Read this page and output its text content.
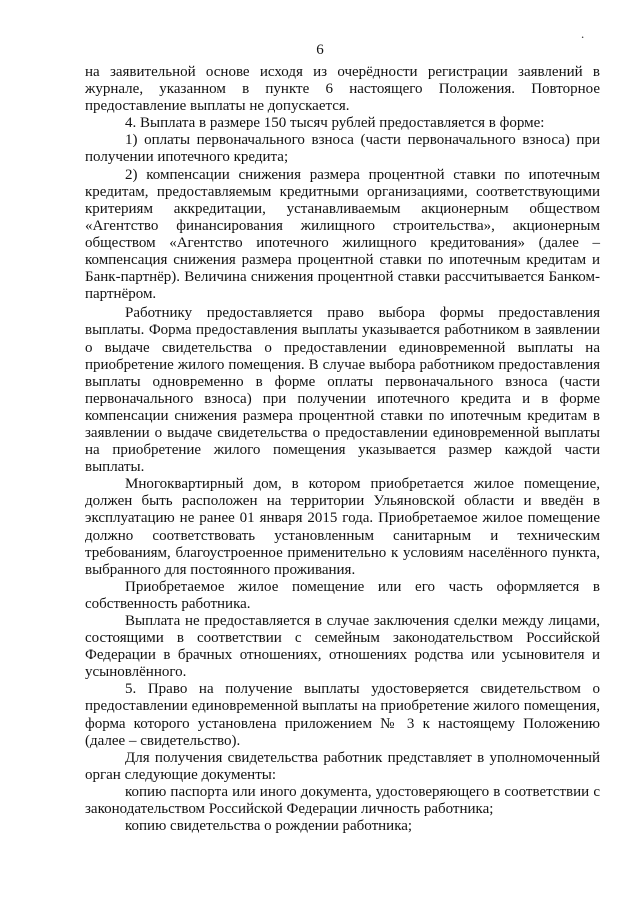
6
.

на заявительной основе исходя из очерёдности регистрации заявлений в журнале, указанном в пункте 6 настоящего Положения. Повторное предоставление выплаты не допускается.

4. Выплата в размере 150 тысяч рублей предоставляется в форме:

1) оплаты первоначального взноса (части первоначального взноса) при получении ипотечного кредита;

2) компенсации снижения размера процентной ставки по ипотечным кредитам, предоставляемым кредитными организациями, соответствующими критериям аккредитации, устанавливаемым акционерным обществом «Агентство финансирования жилищного строительства», акционерным обществом «Агентство ипотечного жилищного кредитования» (далее – компенсация снижения размера процентной ставки по ипотечным кредитам и Банк-партнёр). Величина снижения процентной ставки рассчитывается Банком-партнёром.

Работнику предоставляется право выбора формы предоставления выплаты. Форма предоставления выплаты указывается работником в заявлении о выдаче свидетельства о предоставлении единовременной выплаты на приобретение жилого помещения. В случае выбора работником предоставления выплаты одновременно в форме оплаты первоначального взноса (части первоначального взноса) при получении ипотечного кредита и в форме компенсации снижения размера процентной ставки по ипотечным кредитам в заявлении о выдаче свидетельства о предоставлении единовременной выплаты на приобретение жилого помещения указывается размер каждой части выплаты.

Многоквартирный дом, в котором приобретается жилое помещение, должен быть расположен на территории Ульяновской области и введён в эксплуатацию не ранее 01 января 2015 года. Приобретаемое жилое помещение должно соответствовать установленным санитарным и техническим требованиям, благоустроенное применительно к условиям населённого пункта, выбранного для постоянного проживания.

Приобретаемое жилое помещение или его часть оформляется в собственность работника.

Выплата не предоставляется в случае заключения сделки между лицами, состоящими в соответствии с семейным законодательством Российской Федерации в брачных отношениях, отношениях родства или усыновителя и усыновлённого.

5. Право на получение выплаты удостоверяется свидетельством о предоставлении единовременной выплаты на приобретение жилого помещения, форма которого установлена приложением № 3 к настоящему Положению (далее – свидетельство).

Для получения свидетельства работник представляет в уполномоченный орган следующие документы:

копию паспорта или иного документа, удостоверяющего в соответствии с законодательством Российской Федерации личность работника;

копию свидетельства о рождении работника;
